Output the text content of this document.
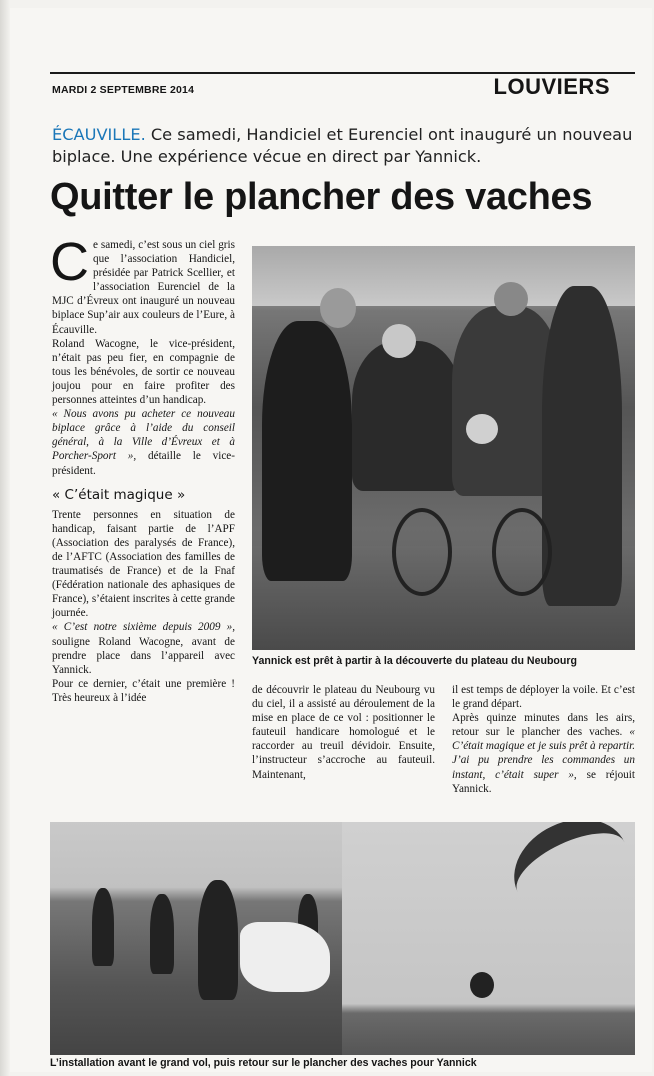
MARDI 2 SEPTEMBRE 2014	LOUVIERS
ÉCAUVILLE. Ce samedi, Handiciel et Eurenciel ont inauguré un nouveau biplace. Une expérience vécue en direct par Yannick.
Quitter le plancher des vaches

Ce samedi, c’est sous un ciel gris que l’association Handiciel, présidée par Patrick Scellier, et l’association Eurenciel de la MJC d’Évreux ont inauguré un nouveau biplace Sup’air aux couleurs de l’Eure, à Écauville.

Roland Wacogne, le vice-président, n’était pas peu fier, en compagnie de tous les bénévoles, de sortir ce nouveau joujou pour en faire profiter des personnes atteintes d’un handicap.

« Nous avons pu acheter ce nouveau biplace grâce à l’aide du conseil général, à la Ville d’Évreux et à Porcher-Sport », détaille le vice-président.

« C’était magique »

Trente personnes en situation de handicap, faisant partie de l’APF (Association des paralysés de France), de l’AFTC (Association des familles de traumatisés de France) et de la Fnaf (Fédération nationale des aphasiques de France), s’étaient inscrites à cette grande journée.

« C’est notre sixième depuis 2009 », souligne Roland Wacogne, avant de prendre place dans l’appareil avec Yannick.

Pour ce dernier, c’était une première ! Très heureux à l’idée

Yannick est prêt à partir à la découverte du plateau du Neubourg

de découvrir le plateau du Neubourg vu du ciel, il a assisté au déroulement de la mise en place de ce vol : positionner le fauteuil handicare homologué et le raccorder au treuil dévidoir. Ensuite, l’instructeur s’accroche au fauteuil. Maintenant,

il est temps de déployer la voile. Et c’est le grand départ.

Après quinze minutes dans les airs, retour sur le plancher des vaches. « C’était magique et je suis prêt à repartir. J’ai pu prendre les commandes un instant, c’était super », se réjouit Yannick.

L’installation avant le grand vol, puis retour sur le plancher des vaches pour Yannick
